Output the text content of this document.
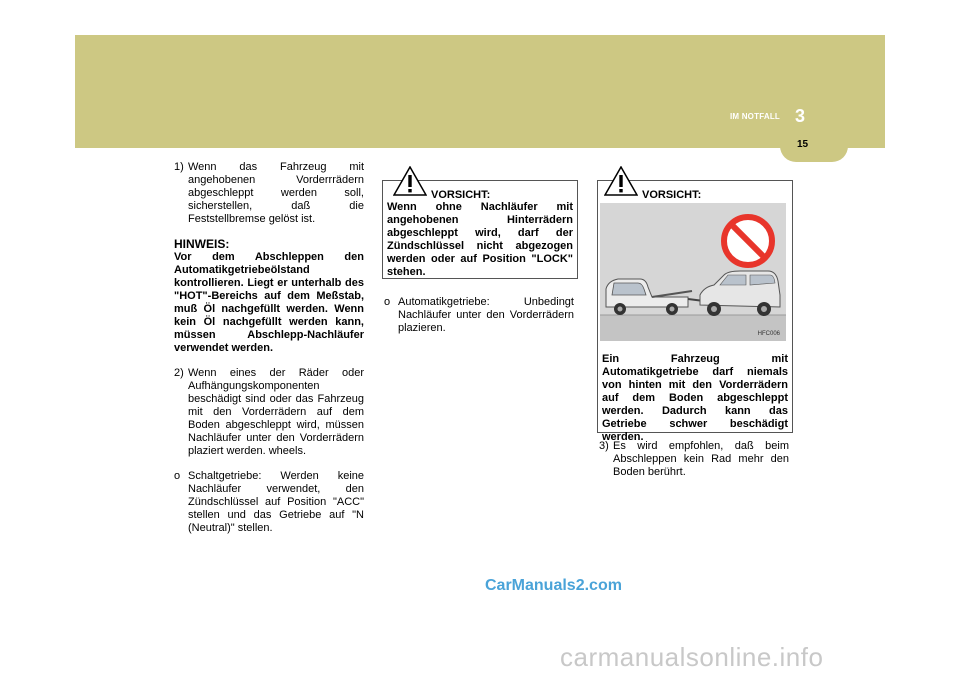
IM NOTFALL 3
15
1) Wenn das Fahrzeug mit angehobenen Vorderrrädern abgeschleppt werden soll, sicherstellen, daß die Feststellbremse gelöst ist.
HINWEIS:
Vor dem Abschleppen den Automatikgetriebeölstand kontrollieren. Liegt er unterhalb des "HOT"-Bereichs auf dem Meßstab, muß Öl nachgefüllt werden. Wenn kein Öl nachgefüllt werden kann, müssen Abschlepp-Nachläufer verwendet werden.
2) Wenn eines der Räder oder Aufhängungskomponenten beschädigt sind oder das Fahrzeug mit den Vorderrädern auf dem Boden abgeschleppt wird, müssen Nachläufer unter den Vorderrädern plaziert werden. wheels.
o Schaltgetriebe: Werden keine Nachläufer verwendet, den Zündschlüssel auf Position "ACC" stellen und das Getriebe auf "N (Neutral)" stellen.
VORSICHT:
Wenn ohne Nachläufer mit angehobenen Hinterrädern abgeschleppt wird, darf der Zündschlüssel nicht abgezogen werden oder auf Position "LOCK" stehen.
o Automatikgetriebe: Unbedingt Nachläufer unter den Vorderrädern plazieren.
VORSICHT:
HFC006
Ein Fahrzeug mit Automatikgetriebe darf niemals von hinten mit den Vorderrädern auf dem Boden abgeschleppt werden. Dadurch kann das Getriebe schwer beschädigt werden.
3) Es wird empfohlen, daß beim Abschleppen kein Rad mehr den Boden berührt.
CarManuals2.com
carmanualsonline.info
